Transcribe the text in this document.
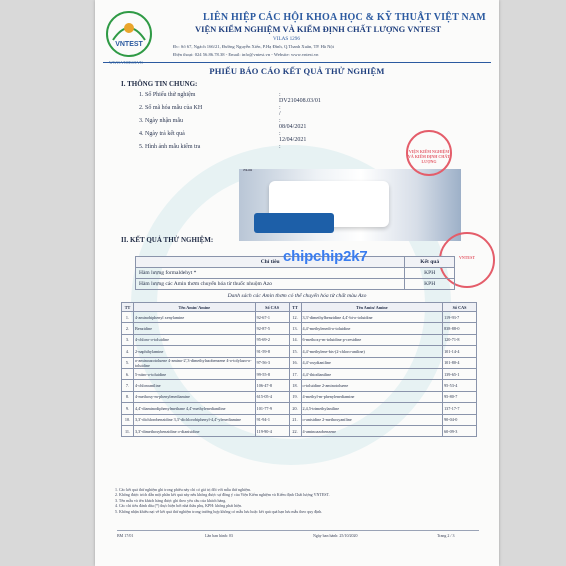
VNTEST
LIÊN HIỆP CÁC HỘI KHOA HỌC & KỸ THUẬT VIỆT NAM
VIỆN KIỂM NGHIỆM VÀ KIỂM ĐỊNH CHẤT LƯỢNG VNTEST
VILAS 1296
Đc: Số 67, Ngách 166/21, Đường Nguyễn Xiển, P.Hạ Đình, Q.Thanh Xuân, TP. Hà Nội
Điện thoại: 024 56.86.78.38 - Email: info@vntest.vn - Website: www.vntest.vn
PHIẾU BÁO CÁO KẾT QUẢ THỬ NGHIỆM
I. THÔNG TIN CHUNG:
1. Số Phiếu thử nghiệm	: DV210408.03/01
2. Số mã hóa mẫu của KH	: /
3. Ngày nhận mẫu	: 08/04/2021
4. Ngày trả kết quả	: 12/04/2021
5. Hình ảnh mẫu kiểm tra	:
Mẫu
VIỆN KIỂM NGHIỆM VÀ KIỂM ĐỊNH CHẤT LƯỢNG
VNTEST
II. KẾT QUẢ THỬ NGHIỆM:
Chỉ tiêu	Kết quả
Hàm lượng formaldehyt *	KPH
Hàm lượng các Amin thơm chuyển hóa từ thuốc nhuộm Azo	KPH
chipchip2k7
Danh sách các Amin thơm có thể chuyển hóa từ chất màu Azo
TT	Tên Amin/ Amine	Số CAS	TT	Tên Amin/ Amine	Số CAS
1.	4-aminobiphenyl xenylamine	92-67-1	12.	3,3'-dimethylbenzidine 4,4'-bi-o-toluidine	119-93-7
2.	Benzidine	92-87-5	13.	4,4'-methylenedi-o-toluidine	838-88-0
3.	4-chloro-o-toluidine	95-69-2	14.	6-methoxy-m-toluidine p-cresidine	120-71-8
4.	2-naphthylamine	91-59-8	15.	4,4'-methylene-bis-(2-chloro-aniline)	101-14-4
5.	o-aminoazotoluene 4-amino-2',3-dimethylazobenzene 4-o-tolylazo-o-toluidine	97-56-3	16.	4,4'-oxydianiline	101-80-4
6.	5-nitro-o-toluidine	99-55-8	17.	4,4'-thiodianiline	139-65-1
7.	4-chloroaniline	106-47-8	18.	o-toluidine 2-aminotoluene	95-53-4
8.	4-methoxy-m-phenylenediamine	615-05-4	19.	4-methyl-m-phenylenediamine	95-80-7
9.	4,4'-diaminodiphenylmethane 4,4'-methylenedianiline	101-77-9	20.	2,4,5-trimethylaniline	137-17-7
10.	3,3'-dichlorobenzidine 3,3'-dichlorobiphenyl-4,4'-ylenediamine	91-94-1	21.	o-anisidine 2-methoxyaniline	90-04-0
11.	3,3'-dimethoxybenzidine o-dianisidine	119-90-4	22.	4-aminoazobenzene	60-09-3
1. Các kết quả thử nghiệm ghi trong phiếu này chỉ có giá trị đối với mẫu thử nghiệm.
2. Không được trích dẫn một phần kết quả này nếu không được sự đồng ý của Viện Kiểm nghiệm và Kiểm định Chất lượng VNTEST.
3. Tên mẫu và tên khách hàng được ghi theo yêu cầu của khách hàng.
4. Các chỉ tiêu đánh dấu (*) thực hiện bởi nhà thầu phụ, KPH: không phát hiện.
5. Không nhận khiếu nại về kết quả thử nghiệm trong trường hợp không có mẫu lưu hoặc kết quả quá hạn lưu mẫu theo quy định.
BM 17/01	Lần ban hành: 03	Ngày ban hành: 25/10/2020	Trang 2 / 3
